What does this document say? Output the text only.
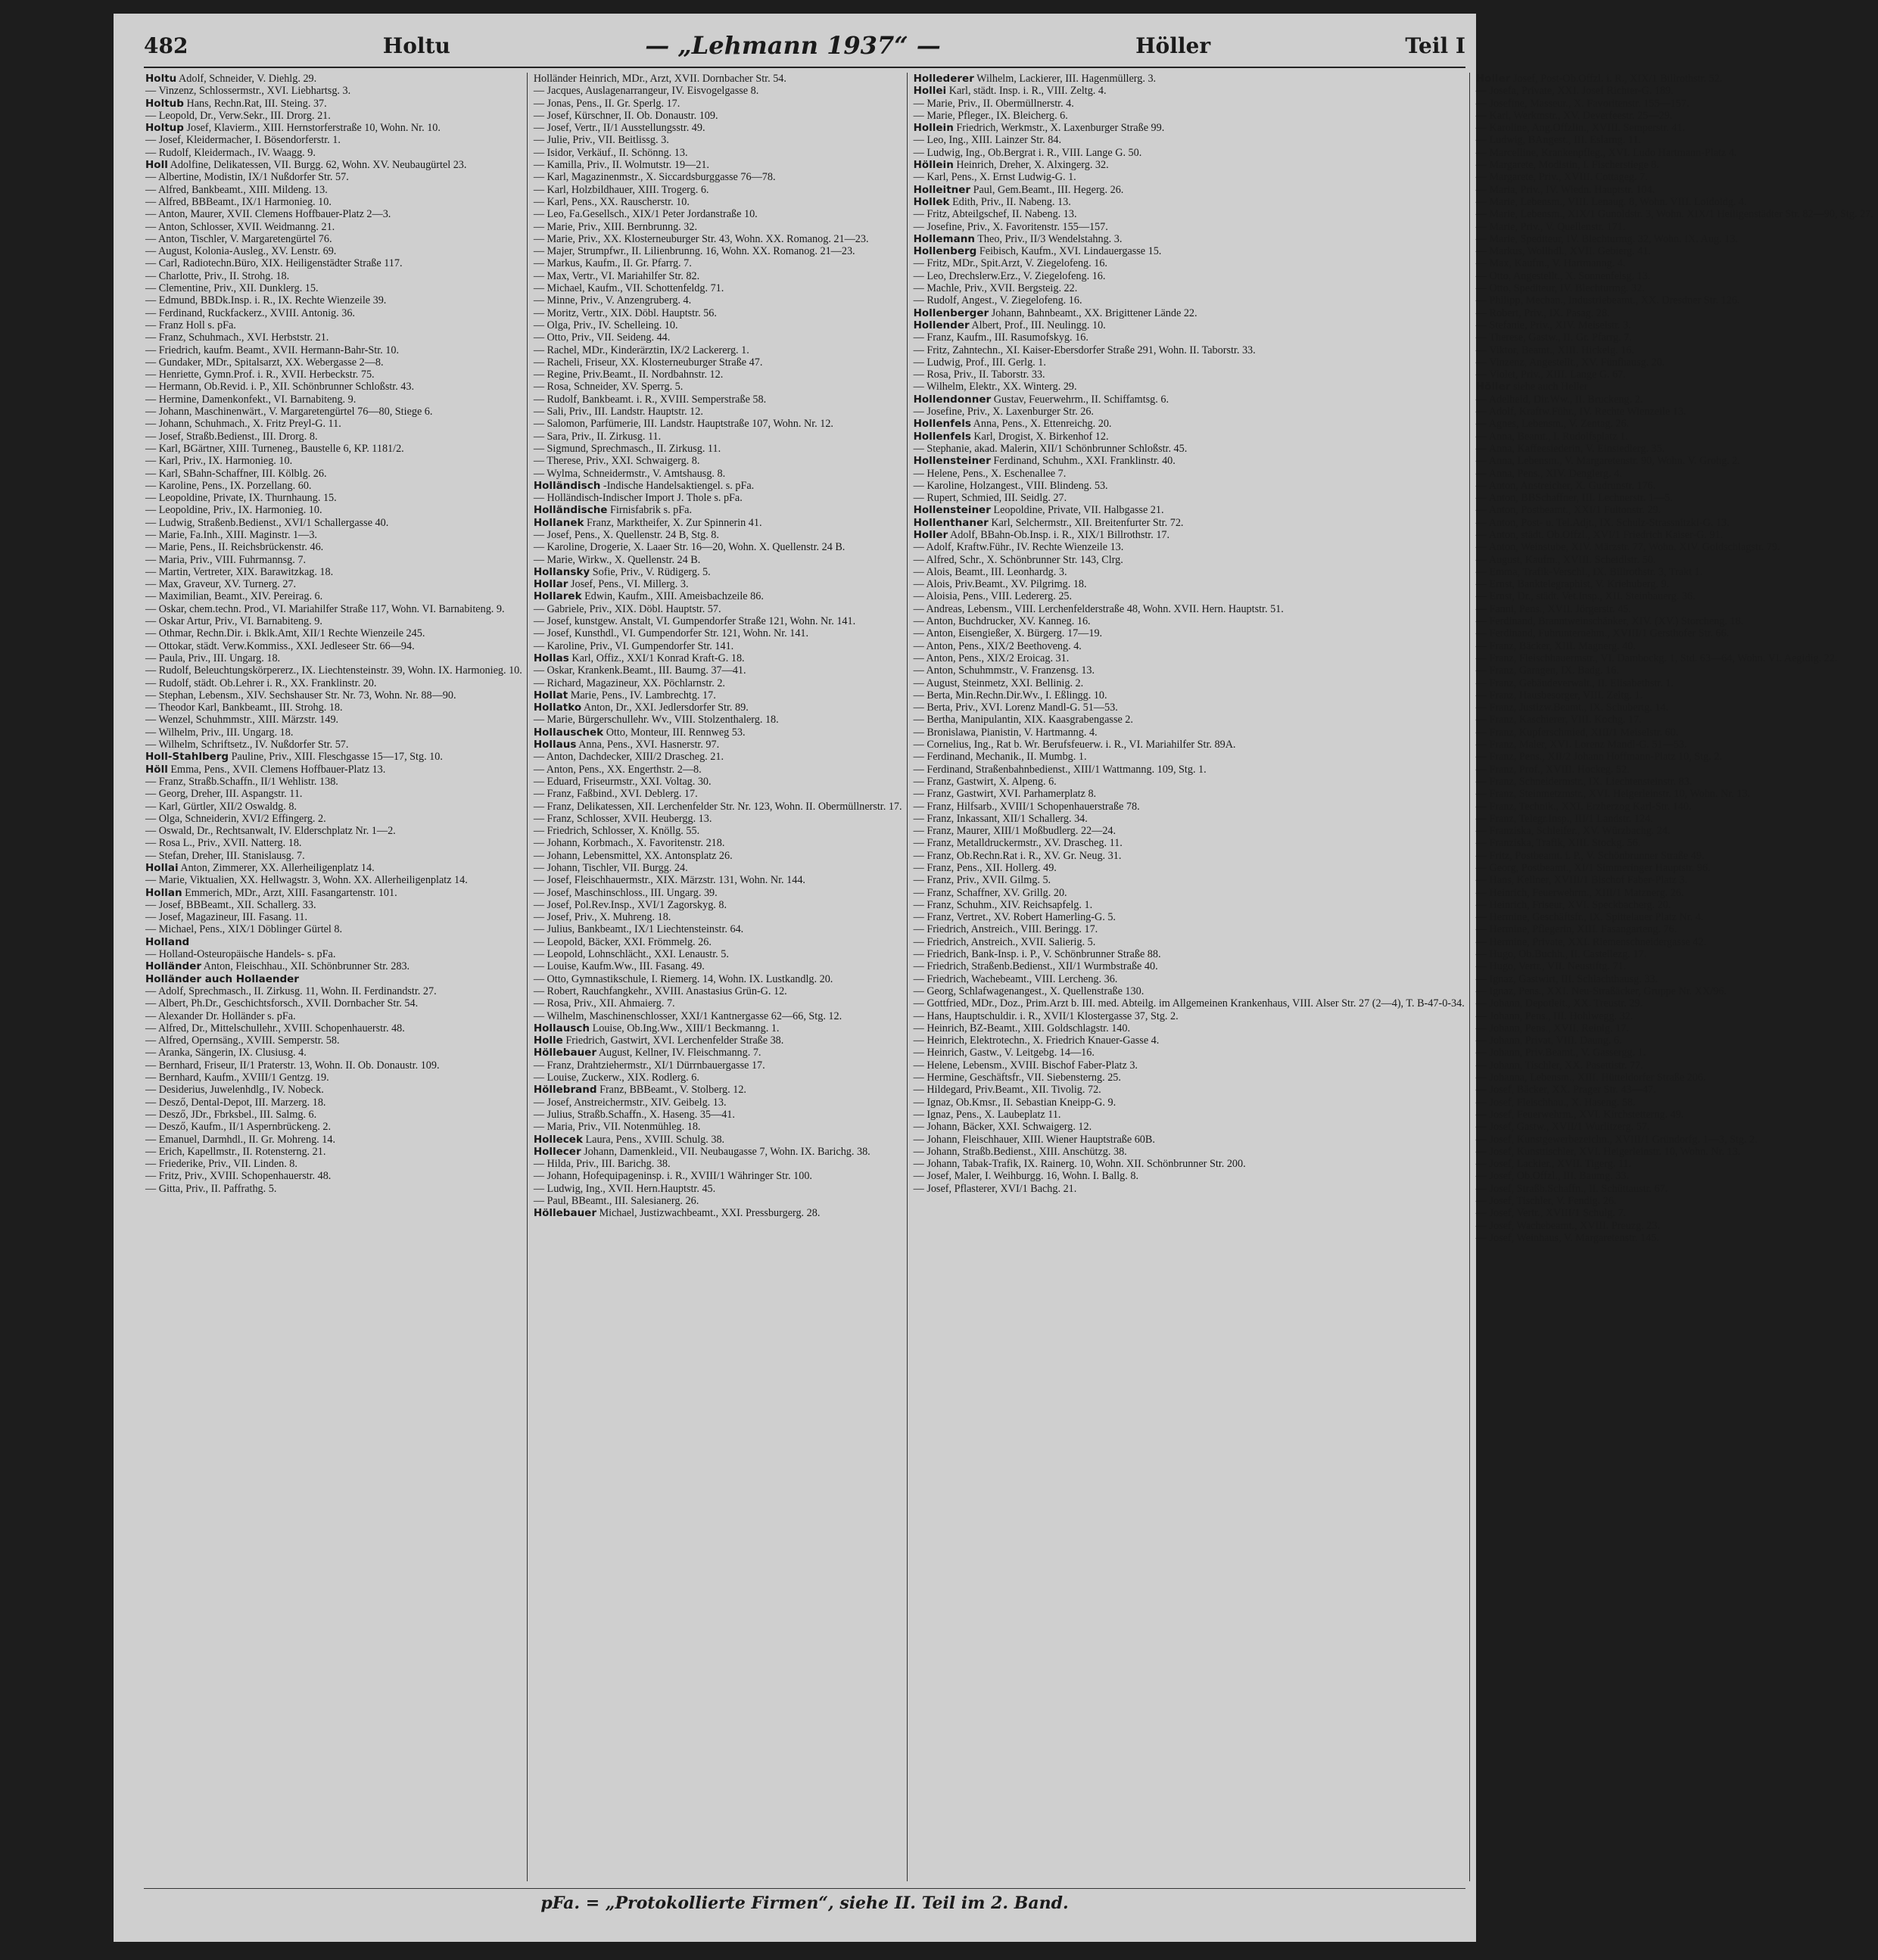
482	Holtu	— „Lehmann 1937“ —	Höller	Teil I
Holtu Adolf, Schneider, V. Diehlg. 29.
— Vinzenz, Schlossermstr., XVI. Liebhartsg. 3.
Holtub Hans, Rechn.Rat, III. Steing. 37.
— Leopold, Dr., Verw.Sekr., III. Drorg. 21.
Holtup Josef, Klavierm., XIII. Hernstorferstraße 10, Wohn. Nr. 10.
— Josef, Kleidermacher, I. Bösendorferstr. 1.
— Rudolf, Kleidermach., IV. Waagg. 9.
Holl Adolfine, Delikatessen, VII. Burgg. 62, Wohn. XV. Neubaugürtel 23.
— Albertine, Modistin, IX/1 Nußdorfer Str. 57.
— Alfred, Bankbeamt., XIII. Mildeng. 13.
— Alfred, BBBeamt., IX/1 Harmonieg. 10.
— Anton, Maurer, XVII. Clemens Hoffbauer-Platz 2—3.
— Anton, Schlosser, XVII. Weidmanng. 21.
— Anton, Tischler, V. Margaretengürtel 76.
— August, Kolonia-Ausleg., XV. Lenstr. 69.
— Carl, Radiotechn.Büro, XIX. Heiligenstädter Straße 117.
— Charlotte, Priv., II. Strohg. 18.
— Clementine, Priv., XII. Dunklerg. 15.
— Edmund, BBDk.Insp. i. R., IX. Rechte Wienzeile 39.
— Ferdinand, Ruckfackerz., XVIII. Antonig. 36.
— Franz Holl s. pFa.
— Franz, Schuhmach., XVI. Herbststr. 21.
— Friedrich, kaufm. Beamt., XVII. Hermann-Bahr-Str. 10.
— Gundaker, MDr., Spitalsarzt, XX. Webergasse 2—8.
— Henriette, Gymn.Prof. i. R., XVII. Herbeckstr. 75.
— Hermann, Ob.Revid. i. P., XII. Schönbrunner Schloßstr. 43.
— Hermine, Damenkonfekt., VI. Barnabiteng. 9.
— Johann, Maschinenwärt., V. Margaretengürtel 76—80, Stiege 6.
— Johann, Schuhmach., X. Fritz Preyl-G. 11.
— Josef, Straßb.Bedienst., III. Drorg. 8.
— Karl, BGärtner, XIII. Turneneg., Baustelle 6, KP. 1181/2.
— Karl, Priv., IX. Harmonieg. 10.
— Karl, SBahn-Schaffner, III. Kölblg. 26.
— Karoline, Pens., IX. Porzellang. 60.
— Leopoldine, Private, IX. Thurnhaung. 15.
— Leopoldine, Priv., IX. Harmonieg. 10.
— Ludwig, Straßenb.Bedienst., XVI/1 Schallergasse 40.
— Marie, Fa.Inh., XIII. Maginstr. 1—3.
— Marie, Pens., II. Reichsbrückenstr. 46.
— Maria, Priv., VIII. Fuhrmannsg. 7.
— Martin, Vertreter, XIX. Barawitzkag. 18.
— Max, Graveur, XV. Turnerg. 27.
— Maximilian, Beamt., XIV. Pereirag. 6.
— Oskar, chem.techn. Prod., VI. Mariahilfer Straße 117, Wohn. VI. Barnabiteng. 9.
— Oskar Artur, Priv., VI. Barnabiteng. 9.
— Othmar, Rechn.Dir. i. Bklk.Amt, XII/1 Rechte Wienzeile 245.
— Ottokar, städt. Verw.Kommiss., XXI. Jedleseer Str. 66—94.
— Paula, Priv., III. Ungarg. 18.
— Rudolf, Beleuchtungskörpererz., IX. Liechtensteinstr. 39, Wohn. IX. Harmonieg. 10.
— Rudolf, städt. Ob.Lehrer i. R., XX. Franklinstr. 20.
— Stephan, Lebensm., XIV. Sechshauser Str. Nr. 73, Wohn. Nr. 88—90.
— Theodor Karl, Bankbeamt., III. Strohg. 18.
— Wenzel, Schuhmmstr., XIII. Märzstr. 149.
— Wilhelm, Priv., III. Ungarg. 18.
— Wilhelm, Schriftsetz., IV. Nußdorfer Str. 57.
Holl-Stahlberg Pauline, Priv., XIII. Fleschgasse 15—17, Stg. 10.
Höll Emma, Pens., XVII. Clemens Hoffbauer-Platz 13.
— Franz, Straßb.Schaffn., II/1 Wehlistr. 138.
— Georg, Dreher, III. Aspangstr. 11.
— Karl, Gürtler, XII/2 Oswaldg. 8.
— Olga, Schneiderin, XVI/2 Effingerg. 2.
— Oswald, Dr., Rechtsanwalt, IV. Elderschplatz Nr. 1—2.
— Rosa L., Priv., XVII. Natterg. 18.
— Stefan, Dreher, III. Stanislausg. 7.
Hollai Anton, Zimmerer, XX. Allerheiligenplatz 14.
— Marie, Viktualien, XX. Hellwagstr. 3, Wohn. XX. Allerheiligenplatz 14.
Hollan Emmerich, MDr., Arzt, XIII. Fasangartenstr. 101.
— Josef, BBBeamt., XII. Schallerg. 33.
— Josef, Magazineur, III. Fasang. 11.
— Michael, Pens., XIX/1 Döblinger Gürtel 8.
Holland
— Holland-Osteuropäische Handels- s. pFa.
Holländer Anton, Fleischhau., XII. Schönbrunner Str. 283.
Holländer auch Hollaender
— Adolf, Sprechmasch., II. Zirkusg. 11, Wohn. II. Ferdinandstr. 27.
— Albert, Ph.Dr., Geschichtsforsch., XVII. Dornbacher Str. 54.
— Alexander Dr. Holländer s. pFa.
— Alfred, Dr., Mittelschullehr., XVIII. Schopenhauerstr. 48.
— Alfred, Opernsäng., XVIII. Semperstr. 58.
— Aranka, Sängerin, IX. Clusiusg. 4.
— Bernhard, Friseur, II/1 Praterstr. 13, Wohn. II. Ob. Donaustr. 109.
— Bernhard, Kaufm., XVIII/1 Gentzg. 19.
— Desiderius, Juwelenhdlg., IV. Nobeck.
— Desző, Dental-Depot, III. Marzerg. 18.
— Desző, JDr., Fbrksbel., III. Salmg. 6.
— Desző, Kaufm., II/1 Aspernbrückeng. 2.
— Emanuel, Darmhdl., II. Gr. Mohreng. 14.
— Erich, Kapellmstr., II. Rotensterng. 21.
— Friederike, Priv., VII. Linden. 8.
— Fritz, Priv., XVIII. Schopenhauerstr. 48.
— Gitta, Priv., II. Paffrathg. 5.
Holländer Heinrich, MDr., Arzt, XVII. Dornbacher Str. 54.
— Jacques, Auslagenarrangeur, IV. Eisvogelgasse 8.
— Jonas, Pens., II. Gr. Sperlg. 17.
— Josef, Kürschner, II. Ob. Donaustr. 109.
— Josef, Vertr., II/1 Ausstellungsstr. 49.
— Julie, Priv., VII. Beitlissg. 3.
— Isidor, Verkäuf., II. Schönng. 13.
— Kamilla, Priv., II. Wolmutstr. 19—21.
— Karl, Magazinenmstr., X. Siccardsburggasse 76—78.
— Karl, Holzbildhauer, XIII. Trogerg. 6.
— Karl, Pens., XX. Rauscherstr. 10.
— Leo, Fa.Gesellsch., XIX/1 Peter Jordanstraße 10.
— Marie, Priv., XIII. Bernbrunng. 32.
— Marie, Priv., XX. Klosterneuburger Str. 43, Wohn. XX. Romanog. 21—23.
— Majer, Strumpfwr., II. Lilienbrunng. 16, Wohn. XX. Romanog. 21—23.
— Markus, Kaufm., II. Gr. Pfarrg. 7.
— Max, Vertr., VI. Mariahilfer Str. 82.
— Michael, Kaufm., VII. Schottenfeldg. 71.
— Minne, Priv., V. Anzengruberg. 4.
— Moritz, Vertr., XIX. Döbl. Hauptstr. 56.
— Olga, Priv., IV. Schelleing. 10.
— Otto, Priv., VII. Seideng. 44.
— Rachel, MDr., Kinderärztin, IX/2 Lackererg. 1.
— Racheli, Friseur, XX. Klosterneuburger Straße 47.
— Regine, Priv.Beamt., II. Nordbahnstr. 12.
— Rosa, Schneider, XV. Sperrg. 5.
— Rudolf, Bankbeamt. i. R., XVIII. Semperstraße 58.
— Sali, Priv., III. Landstr. Hauptstr. 12.
— Salomon, Parfümerie, III. Landstr. Hauptstraße 107, Wohn. Nr. 12.
— Sara, Priv., II. Zirkusg. 11.
— Sigmund, Sprechmasch., II. Zirkusg. 11.
— Therese, Priv., XXI. Schwaigerg. 8.
— Wylma, Schneidermstr., V. Amtshausg. 8.
Holländisch -Indische Handelsaktiengel. s. pFa.
— Holländisch-Indischer Import J. Thole s. pFa.
Holländische Firnisfabrik s. pFa.
Hollanek Franz, Marktheifer, X. Zur Spinnerin 41.
— Josef, Pens., X. Quellenstr. 24 B, Stg. 8.
— Karoline, Drogerie, X. Laaer Str. 16—20, Wohn. X. Quellenstr. 24 B.
— Marie, Wirkw., X. Quellenstr. 24 B.
Hollansky Sofie, Priv., V. Rüdigerg. 5.
Hollar Josef, Pens., VI. Millerg. 3.
Hollarek Edwin, Kaufm., XIII. Ameisbachzeile 86.
— Gabriele, Priv., XIX. Döbl. Hauptstr. 57.
— Josef, kunstgew. Anstalt, VI. Gumpendorfer Straße 121, Wohn. Nr. 141.
— Josef, Kunsthdl., VI. Gumpendorfer Str. 121, Wohn. Nr. 141.
— Karoline, Priv., VI. Gumpendorfer Str. 141.
Hollas Karl, Offiz., XXI/1 Konrad Kraft-G. 18.
— Oskar, Krankenk.Beamt., III. Baumg. 37—41.
— Richard, Magazineur, XX. Pöchlarnstr. 2.
Hollat Marie, Pens., IV. Lambrechtg. 17.
Hollatko Anton, Dr., XXI. Jedlersdorfer Str. 89.
— Marie, Bürgerschullehr. Wv., VIII. Stolzenthalerg. 18.
Hollauschek Otto, Monteur, III. Rennweg 53.
Hollaus Anna, Pens., XVI. Hasnerstr. 97.
— Anton, Dachdecker, XIII/2 Drascheg. 21.
— Anton, Pens., XX. Engerthstr. 2—8.
— Eduard, Friseurmstr., XXI. Voltag. 30.
— Franz, Faßbind., XVI. Deblerg. 17.
— Franz, Delikatessen, XII. Lerchenfelder Str. Nr. 123, Wohn. II. Obermüllnerstr. 17.
— Franz, Schlosser, XVII. Heubergg. 13.
— Friedrich, Schlosser, X. Knöllg. 55.
— Johann, Korbmach., X. Favoritenstr. 218.
— Johann, Lebensmittel, XX. Antonsplatz 26.
— Johann, Tischler, VII. Burgg. 24.
— Josef, Fleischhauermstr., XIX. Märzstr. 131, Wohn. Nr. 144.
— Josef, Maschinschloss., III. Ungarg. 39.
— Josef, Pol.Rev.Insp., XVI/1 Zagorskyg. 8.
— Josef, Priv., X. Muhreng. 18.
— Julius, Bankbeamt., IX/1 Liechtensteinstr. 64.
— Leopold, Bäcker, XXI. Frömmelg. 26.
— Leopold, Lohnschlächt., XXI. Lenaustr. 5.
— Louise, Kaufm.Ww., III. Fasang. 49.
— Otto, Gymnastikschule, I. Riemerg. 14, Wohn. IX. Lustkandlg. 20.
— Robert, Rauchfangkehr., XVIII. Anastasius Grün-G. 12.
— Rosa, Priv., XII. Ahmaierg. 7.
— Wilhelm, Maschinenschlosser, XXI/1 Kantnergasse 62—66, Stg. 12.
Hollausch Louise, Ob.Ing.Ww., XIII/1 Beckmanng. 1.
Holle Friedrich, Gastwirt, XVI. Lerchenfelder Straße 38.
Höllebauer August, Kellner, IV. Fleischmanng. 7.
— Franz, Drahtziehermstr., XI/1 Dürrnbauergasse 17.
— Louise, Zuckerw., XIX. Rodlerg. 6.
Höllebrand Franz, BBBeamt., V. Stolberg. 12.
— Josef, Anstreichermstr., XIV. Geibelg. 13.
— Julius, Straßb.Schaffn., X. Haseng. 35—41.
— Maria, Priv., VII. Notenmühleg. 18.
Hollecek Laura, Pens., XVIII. Schulg. 38.
Hollecer Johann, Damenkleid., VII. Neubaugasse 7, Wohn. IX. Barichg. 38.
— Hilda, Priv., III. Barichg. 38.
— Johann, Hofequipageninsp. i. R., XVIII/1 Währinger Str. 100.
— Ludwig, Ing., XVII. Hern.Hauptstr. 45.
— Paul, BBeamt., III. Salesianerg. 26.
Höllebauer Michael, Justizwachbeamt., XXI. Pressburgerg. 28.
Hollederer Wilhelm, Lackierer, III. Hagenmüllerg. 3.
Hollei Karl, städt. Insp. i. R., VIII. Zeltg. 4.
— Marie, Priv., II. Obermüllnerstr. 4.
— Marie, Pfleger., IX. Bleicherg. 6.
Hollein Friedrich, Werkmstr., X. Laxenburger Straße 99.
— Leo, Ing., XIII. Lainzer Str. 84.
— Ludwig, Ing., Ob.Bergrat i. R., VIII. Lange G. 50.
Höllein Heinrich, Dreher, X. Alxingerg. 32.
— Karl, Pens., X. Ernst Ludwig-G. 1.
Holleitner Paul, Gem.Beamt., III. Hegerg. 26.
Hollek Edith, Priv., II. Nabeng. 13.
— Fritz, Abteilgschef, II. Nabeng. 13.
— Josefine, Priv., X. Favoritenstr. 155—157.
Hollemann Theo, Priv., II/3 Wendelstahng. 3.
Hollenberg Feibisch, Kaufm., XVI. Lindauergasse 15.
— Fritz, MDr., Spit.Arzt, V. Ziegelofeng. 16.
— Leo, Drechslerw.Erz., V. Ziegelofeng. 16.
— Machle, Priv., XVII. Bergsteig. 22.
— Rudolf, Angest., V. Ziegelofeng. 16.
Hollenberger Johann, Bahnbeamt., XX. Brigittener Lände 22.
Hollender Albert, Prof., III. Neulingg. 10.
— Franz, Kaufm., III. Rasumofskyg. 16.
— Fritz, Zahntechn., XI. Kaiser-Ebersdorfer Straße 291, Wohn. II. Taborstr. 33.
— Ludwig, Prof., III. Gerlg. 1.
— Rosa, Priv., II. Taborstr. 33.
— Wilhelm, Elektr., XX. Winterg. 29.
Hollendonner Gustav, Feuerwehrm., II. Schiffamtsg. 6.
— Josefine, Priv., X. Laxenburger Str. 26.
Hollenfels Anna, Pens., X. Ettenreichg. 20.
Hollenfels Karl, Drogist, X. Birkenhof 12.
— Stephanie, akad. Malerin, XII/1 Schönbrunner Schloßstr. 45.
Hollensteiner Ferdinand, Schuhm., XXI. Franklinstr. 40.
— Helene, Pens., X. Eschenallee 7.
— Karoline, Holzangest., VIII. Blindeng. 53.
— Rupert, Schmied, III. Seidlg. 27.
Hollensteiner Leopoldine, Private, VII. Halbgasse 21.
Hollenthaner Karl, Selchermstr., XII. Breitenfurter Str. 72.
Holler Adolf, BBahn-Ob.Insp. i. R., XIX/1 Billrothstr. 17.
— Adolf, Kraftw.Führ., IV. Rechte Wienzeile 13.
— Alfred, Schr., X. Schönbrunner Str. 143, Clrg.
— Alois, Beamt., III. Leonhardg. 3.
— Alois, Priv.Beamt., XV. Pilgrimg. 18.
— Aloisia, Pens., VIII. Ledererg. 25.
— Andreas, Lebensm., VIII. Lerchenfelderstraße 48, Wohn. XVII. Hern. Hauptstr. 51.
— Anton, Buchdrucker, XV. Kanneg. 16.
— Anton, Eisengießer, X. Bürgerg. 17—19.
— Anton, Pens., XIX/2 Beethoveng. 4.
— Anton, Pens., XIX/2 Eroicag. 31.
— Anton, Schuhmmstr., V. Franzensg. 13.
— August, Steinmetz, XXI. Bellinig. 2.
— Berta, Min.Rechn.Dir.Wv., I. Eßlingg. 10.
— Berta, Priv., XVI. Lorenz Mandl-G. 51—53.
— Bertha, Manipulantin, XIX. Kaasgrabengasse 2.
— Bronislawa, Pianistin, V. Hartmanng. 4.
— Cornelius, Ing., Rat b. Wr. Berufsfeuerw. i. R., VI. Mariahilfer Str. 89A.
— Ferdinand, Mechanik., II. Mumbg. 1.
— Ferdinand, Straßenbahnbedienst., XIII/1 Wattmanng. 109, Stg. 1.
— Franz, Gastwirt, X. Alpeng. 6.
— Franz, Gastwirt, XVI. Parhamerplatz 8.
— Franz, Hilfsarb., XVIII/1 Schopenhauerstraße 78.
— Franz, Inkassant, XII/1 Schallerg. 34.
— Franz, Maurer, XIII/1 Moßbudlerg. 22—24.
— Franz, Metalldruckermstr., XV. Drascheg. 11.
— Franz, Ob.Rechn.Rat i. R., XV. Gr. Neug. 31.
— Franz, Pens., XII. Hollerg. 49.
— Franz, Priv., XVII. Gilmg. 5.
— Franz, Schaffner, XV. Grillg. 20.
— Franz, Schuhm., XIV. Reichsapfelg. 1.
— Franz, Vertret., XV. Robert Hamerling-G. 5.
— Friedrich, Anstreich., VIII. Beringg. 17.
— Friedrich, Anstreich., XVII. Salierig. 5.
— Friedrich, Bank-Insp. i. P., V. Schönbrunner Straße 88.
— Friedrich, Straßenb.Bedienst., XII/1 Wurmbstraße 40.
— Friedrich, Wachebeamt., VIII. Lercheng. 36.
— Georg, Schlafwagenangest., X. Quellenstraße 130.
— Gottfried, MDr., Doz., Prim.Arzt b. III. med. Abteilg. im Allgemeinen Krankenhaus, VIII. Alser Str. 27 (2—4), T. B-47-0-34.
— Hans, Hauptschuldir. i. R., XVII/1 Klostergasse 37, Stg. 2.
— Heinrich, BZ-Beamt., XIII. Goldschlagstr. 140.
— Heinrich, Elektrotechn., X. Friedrich Knauer-Gasse 4.
— Heinrich, Gastw., V. Leitgebg. 14—16.
— Helene, Lebensm., XVIII. Bischof Faber-Platz 3.
— Hermine, Geschäftsfr., VII. Siebensterng. 25.
— Hildegard, Priv.Beamt., XII. Tivolig. 72.
— Ignaz, Ob.Kmsr., II. Sebastian Kneipp-G. 9.
— Ignaz, Pens., X. Laubeplatz 11.
— Johann, Bäcker, XXI. Schwaigerg. 12.
— Johann, Fleischhauer, XIII. Wiener Hauptstraße 60B.
— Johann, Straßb.Bedienst., XIII. Anschützg. 38.
— Johann, Tabak-Trafik, IX. Rainerg. 10, Wohn. XII. Schönbrunner Str. 200.
— Josef, Maler, I. Weihburgg. 16, Wohn. I. Ballg. 8.
— Josef, Pflasterer, XVI/1 Bachg. 21.
Holler Josef, Post-Ob.Offzl. i. R., XIX/1 Billrothstr. 52.
— Josefa, Private, XXI. Josef Richter-G. 189.
— Josefine, Masseur., X. Favoritenstr. 155—157.
— Karl, Werkmstr., XV. Deverfeestr. 25—29.
— Karoline, Ang.Offzlin., XVIII. Semperstr. 41.
— Ludwig, BAngest., III. Eslarng. 11.
— Marcelline, Krankenpfleg., XVI. Ludo Hartmann-Platz 4.
— Margarete, Modistin, I. Fischerstiege 8.
— Margarete, Priv., XVIII. Cottageg. 7.
— Maria, Priv., IV. Wiedn. Hauptstr. 104.
— Marie, Lebensm., VIII. Lenaug. 8, Wohn. VIII. Loidoldg. 4.
— Marie, Lebensm., XIX/1 Gunoldstr. 3, Wohn. XIX/1 Heiligenstädter Str. 82—90, Stg. 27.
— Marie, Priv., V. Quellenstr. 171.
— Marie, Spediteur, IV. Blechturmg. 32, Wohn. IX. Aug. 13.
— Markus, Wollhdl., XVII. Gebierg. 41.
— Max, Kaufm., V. Hartmanng. 4.
— Otto, Angestellt., X. Sonnenfelsg. 13.
— Otto, Spediteur, IV. Blechturmg. 32.
— Philipp, Mechan., Industriebeamt., XX. Dresdner Str. 126.
— Robert, Priv., IX. Pasag. 28.
— Stefanie, Priv., XIV. Meiselstr. 3.
— Therese, Gastw., II. Gr. Pfarrg. 7.
— Viktor, Beamt., XIII. Hickelg. 16.
— Vinzenz, Angestellt., XV. Fünfhausg. 20.
— Violet, Priv., XIII. Lange G. 67.
Höller siehe auch Heller
— Adelheid, Dir.Ww., II. Bruckeng. 2.
— Adolf, Kraftw.Führ., IV. Rechte Wienzeile 13.
— Agnes, Lebensm., V. Zentag. 26.
— Anna, Beamt., I. Rudolfsplatz 1.
— Anna, Kaffeesiederin, V. Einsiedlerg. 35.
— Anna, Lebensm., V. Margaretenstr. 90, Wohn. V. Grohg. 2.
— Anna, Pens., XIV. Denglerg. 4.
— Anton, Anstreicher, X. Gudrunstr. 176.
— Anton, BBSchaffner, III. Lechnerstr. 1—5.
— Anton, Postbeamt., XXI/1 Fultonstr. 29.
— Anton, Post- u. Tel.Adjt., IX. Schulz-Strassnitzki-G. 13.
— Anton, städt. Ob.Offzl., XVI/1 Friedrich Kaiser-G. 91.
— Anton, Weinstube, XIV. Märzstr. 77, Wohn. XIV. Goldschlagstr. 79.
— August, Kaufm., XVIII. Scheidlstr. 50.
— Emma, Trafik-Verschl., IX. Billrothstr. 3, Trakt 1.
— Ernst, Banktelegraphist, V. Kriehuberg. 9.
— Ernst, Dr., städt. Vet.Insp., XII. Steinbauerg. 36.
— Fanni, Pens., XVII. Jörgerstr. 45.
— Ferdinand, Branntweinschänker, XIV. (XV.) Storcheng. 18.
— Ferdinand, Fuhrunternehm., XVIII/1 Gersthofer Str. 66.
— Franz, Bäcker, XIII. Magnerg. 40.
— Franz, Fleischhauermstr., VI. Dambockg. 1, Std. 63—64, Wohn. VI. Aegidig. 22.
— Franz, Garagen, IX. Badg. 16.
— Franz, Gebäudeverwalt., II. Elisabethstr. 1.
— Franz, Hausbesorger, VIII. Zeltg. 1.
— Franz, Justizw.Beamt., IX. Schubertg. 14.
— Franz, Kaschierer, VIII. Kochg. 17.
— Franz, Kupferschmied, XIII/1 Meiselstr. 60.
— Franz, Maler, XVI. Lorenz Mandl-G. 51—53.
— Franz, Pens., XII/2 Johann Hoffmann-Platz 10, Stg. 2.
— Franz, Prof., XVIII. Hockeg. 52.
— Franz, Schneidermstr., IX. Liechtensteinstr. 83.
— Franz, Steinmetzmstr., XVI. Heigerleinstr. 10, Wohn. Nr. 13.
— Franz, Technik., XXI. Erzherzog Karl-Str. 140.
— Franz, Telegr.Insp., III/1 Landstr. 124.
— Franziska, Schleifer., XV. Würzbachg. 24.
— Franziska, Trafik, XIII. Stockg. 56.
— Fritz, Postbeamt. i. P., V. Schönbrunner Straße 49.
— Georg, Postbeamt., XI/1 Simmeringer Hauptstr. 96.
— Hans, Kellner, XVIII/1 Bischof Faber-Platz 3.
— Heinrich, Feuerwehrm., XIII/1 Matznerg. 26.
— Heinrich, Friseur, XVI. Speckbacherg. 20.
— Hermine, Geschäftsfr., IX. Spittelauer Platz Nr. 4.
— Hermine, Pflegerin, XIII. Fasangarteng. 76.
— Hermine, Private, XXI. Riemenschneidergasse 42.
— Hugo, Ob.Buchh., II. Castellezg. 17.
— Hugo, Vertr., VII. Neustiftg. 71.
— Ignaz, Gastwirt, III. Schlachthausg. 33.
— Ignaz, Pens., XXI. Neu-Straßäcker, Gruppe Nr. XX/96.
— Johann, Depotleit., XX. Treustr. 29.
— Johann, Pens., III. Hohlwegg. 32.
— Johann, Pens., XVII. Reinlg. 17.
— Johann, Privat, VIII. Daung. 6.
— Johann, Priv.Beamt., V. Gassergg. 1.
— Johann, Tischler, XX. Pasettistr. 77.
— Johanna, Lebensm., XIII. Hütteldorfer Straße 206.
— Josef, Bäcker, XX. Prager Str. 43—47.
— Josef, Fleischhau., X. Haseng. 58.
— Josef, Feuerwehrm., XVI. Kirchstetterng. 49.
— Josef, Gastw., XVII/1 Wurlitzerg. 57.
— Josef, Kunstgewerbezeichn., XVIII/1 Gründorfg. 1—3, Stg. 2.
— Josef, Kunsttischler, XVI. Heigerleinstr. 10, Wohn. Nr. 13.
— Josef, Lackier., XVII. Tigerg. 11.
— Josef, Ob.Offzl., III. Baumg. 33.
— Josef, Straßb.Schaffn., II. Schüttaustr. 67.
— Josef, Tischler, V. Fendig. 26.
— Josef, Vertr., XVIII/1 Schulg. 7.
— Josef, Wachebeamt., XVIII. Preuzg. 23.
— Josef, Weinhaus, V. Margaretenstr. 145.
pFa. = „Protokollierte Firmen“, siehe II. Teil im 2. Band.
